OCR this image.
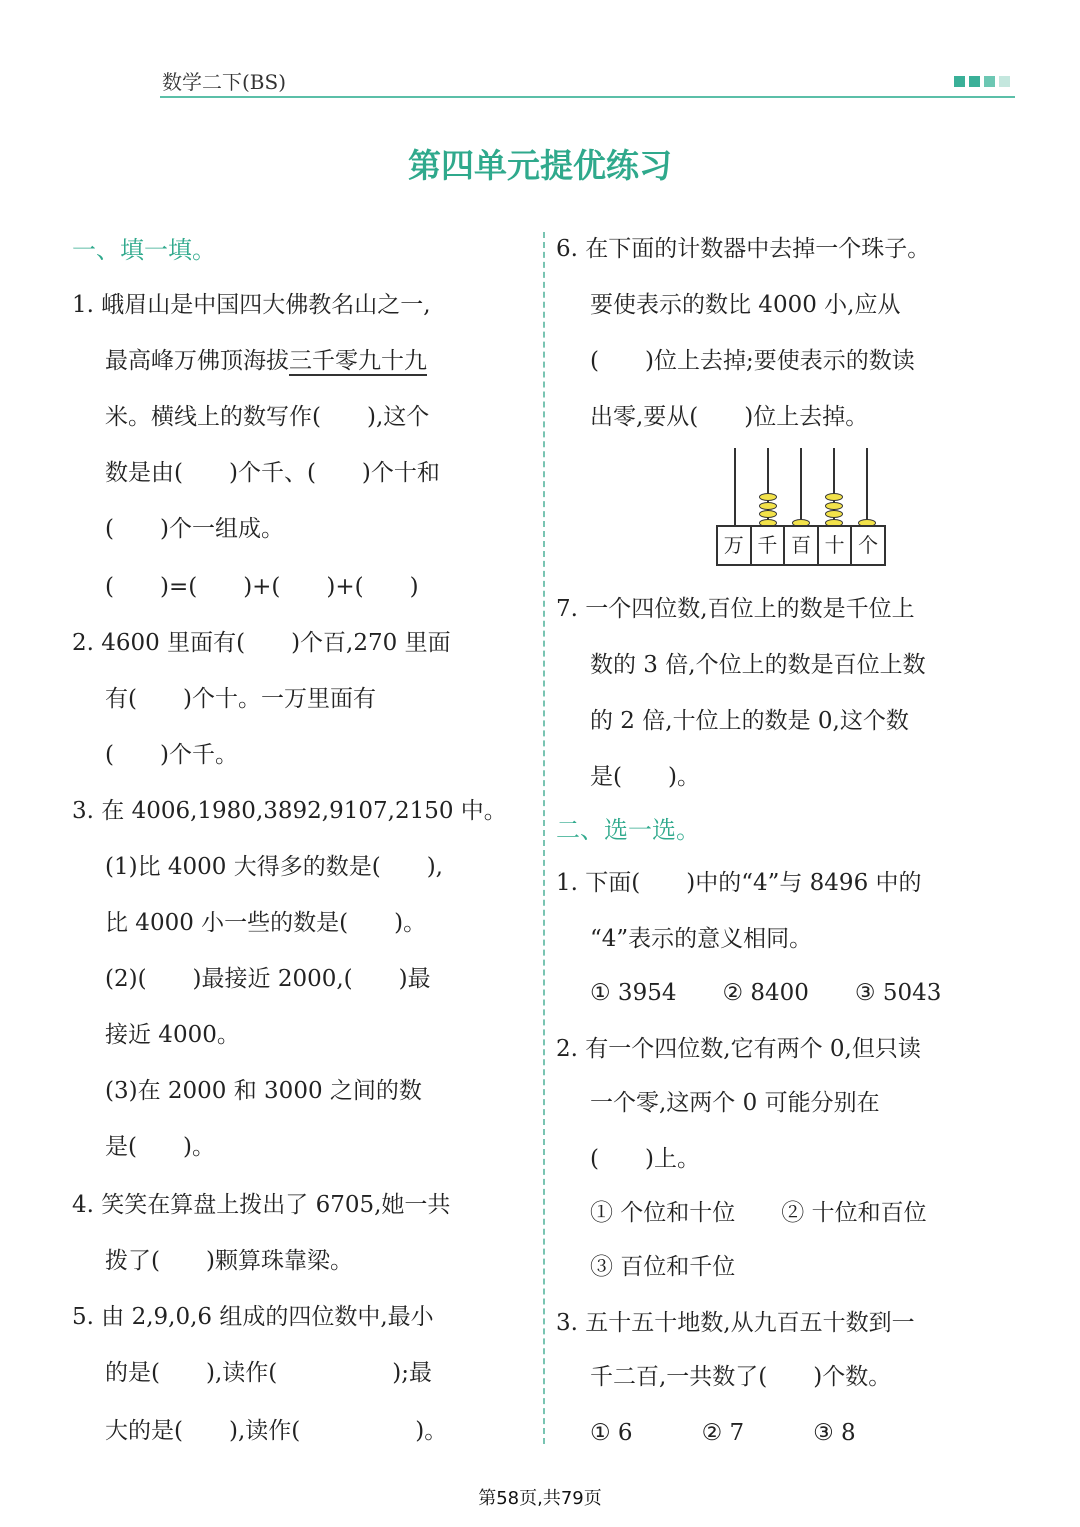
数学二下(BS)
第四单元提优练习
一、填一填。
1. 峨眉山是中国四大佛教名山之一,
最高峰万佛顶海拔三千零九十九
米。横线上的数写作(　　),这个
数是由(　　)个千、(　　)个十和
(　　)个一组成。
(　　)=(　　)+(　　)+(　　)
2. 4600 里面有(　　)个百,270 里面
有(　　)个十。一万里面有
(　　)个千。
3. 在 4006,1980,3892,9107,2150 中。
(1)比 4000 大得多的数是(　　),
比 4000 小一些的数是(　　)。
(2)(　　)最接近 2000,(　　)最
接近 4000。
(3)在 2000 和 3000 之间的数
是(　　)。
4. 笑笑在算盘上拨出了 6705,她一共
拨了(　　)颗算珠靠梁。
5. 由 2,9,0,6 组成的四位数中,最小
的是(　　),读作(　　　　　);最
大的是(　　),读作(　　　　　)。
6. 在下面的计数器中去掉一个珠子。
要使表示的数比 4000 小,应从
(　　)位上去掉;要使表示的数读
出零,要从(　　)位上去掉。
万 千 百 十 个
7. 一个四位数,百位上的数是千位上
数的 3 倍,个位上的数是百位上数
的 2 倍,十位上的数是 0,这个数
是(　　)。
二、选一选。
1. 下面(　　)中的“4”与 8496 中的
“4”表示的意义相同。
① 3954　　② 8400　　③ 5043
2. 有一个四位数,它有两个 0,但只读
一个零,这两个 0 可能分别在
(　　)上。
① 个位和十位　　② 十位和百位
③ 百位和千位
3. 五十五十地数,从九百五十数到一
千二百,一共数了(　　)个数。
① 6　　　② 7　　　③ 8
第58页,共79页
